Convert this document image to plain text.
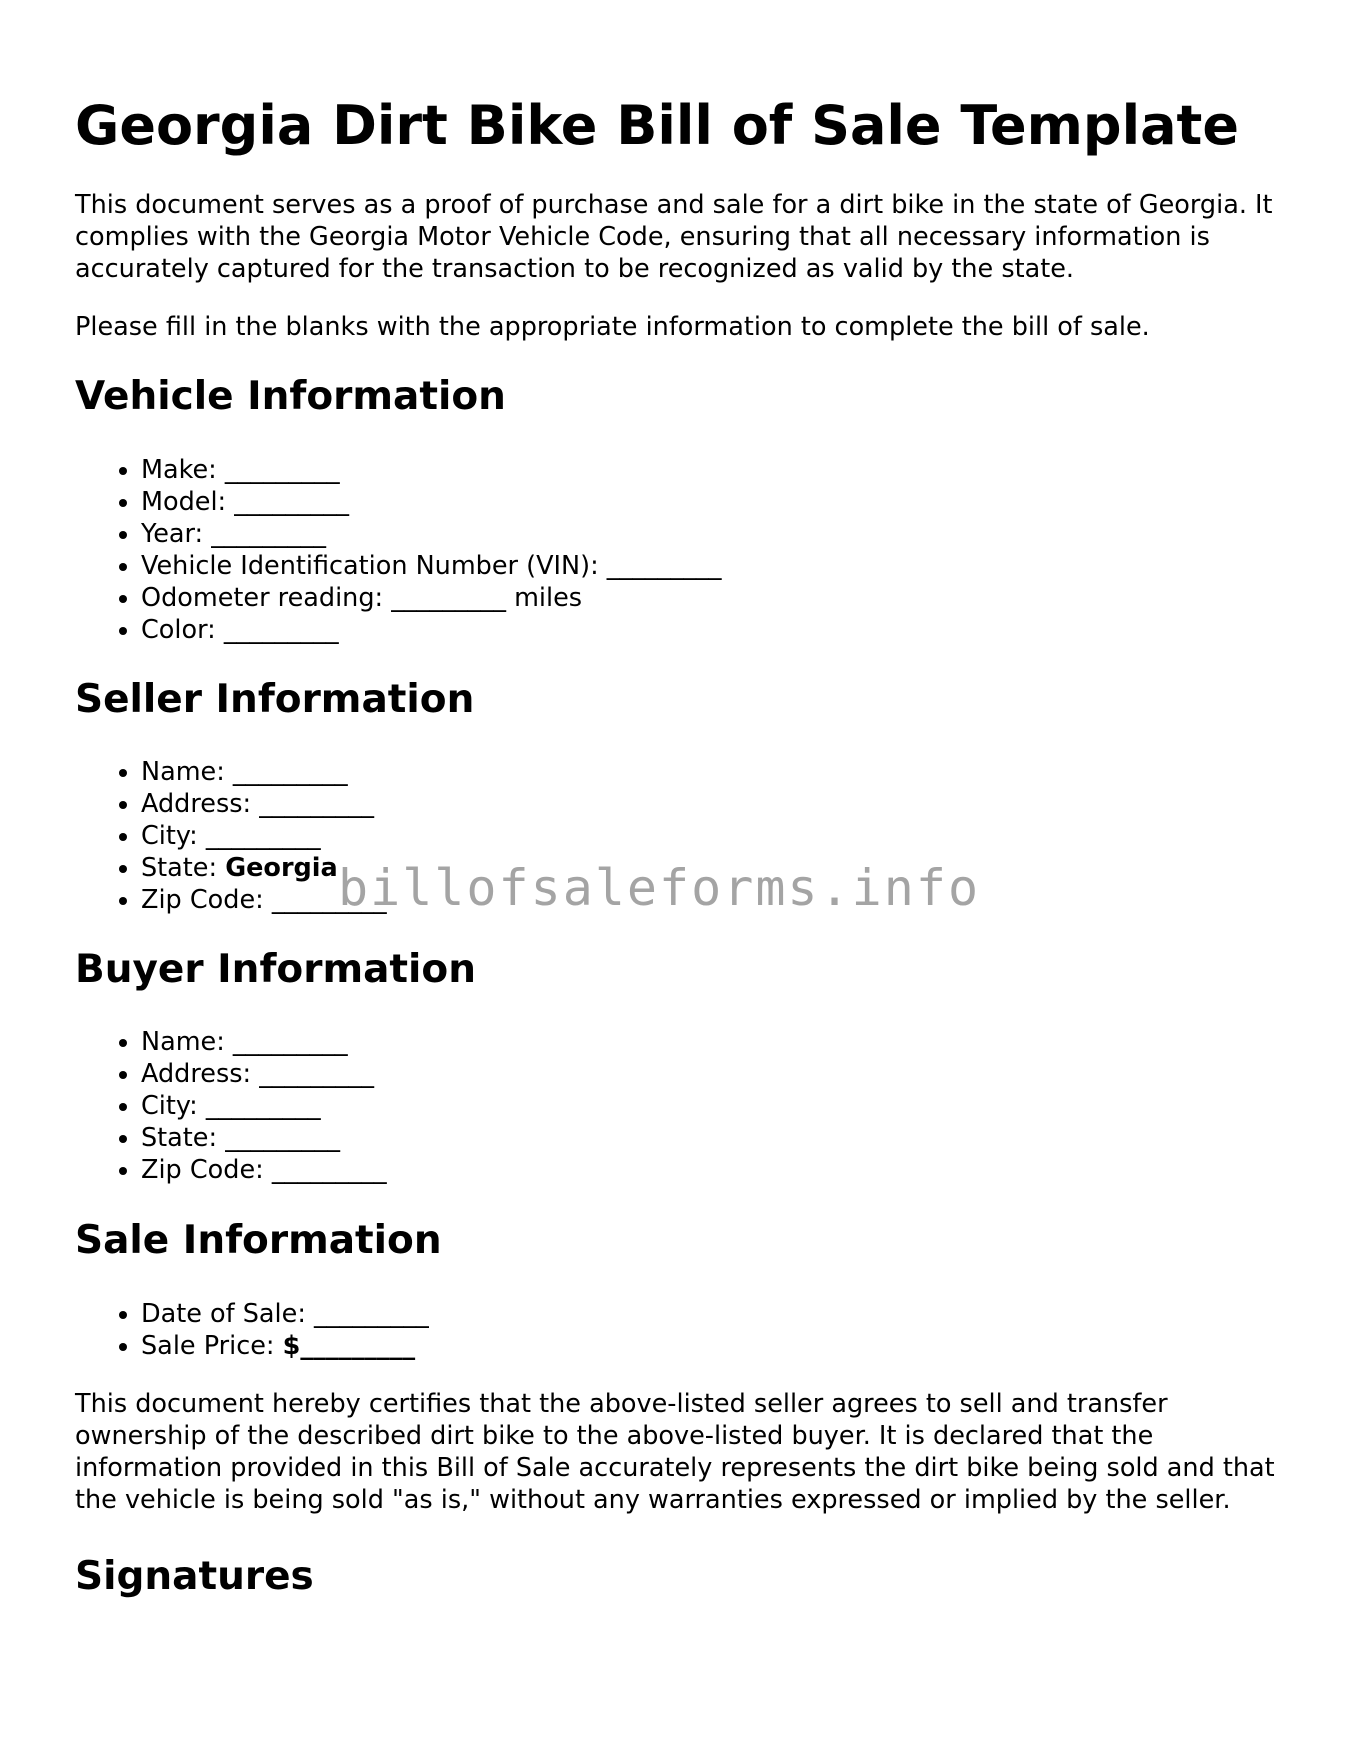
Georgia Dirt Bike Bill of Sale Template

This document serves as a proof of purchase and sale for a dirt bike in the state of Georgia. It complies with the Georgia Motor Vehicle Code, ensuring that all necessary information is accurately captured for the transaction to be recognized as valid by the state.

Please fill in the blanks with the appropriate information to complete the bill of sale.

Vehicle Information
• Make: _________
• Model: _________
• Year: _________
• Vehicle Identification Number (VIN): _________
• Odometer reading: _________ miles
• Color: _________
Seller Information
• Name: _________
• Address: _________
• City: _________
• State: Georgia
• Zip Code: _________
Buyer Information
• Name: _________
• Address: _________
• City: _________
• State: _________
• Zip Code: _________
Sale Information
• Date of Sale: _________
• Sale Price: $_________

This document hereby certifies that the above-listed seller agrees to sell and transfer ownership of the described dirt bike to the above-listed buyer. It is declared that the information provided in this Bill of Sale accurately represents the dirt bike being sold and that the vehicle is being sold "as is," without any warranties expressed or implied by the seller.

Signatures
billofsaleforms.info
